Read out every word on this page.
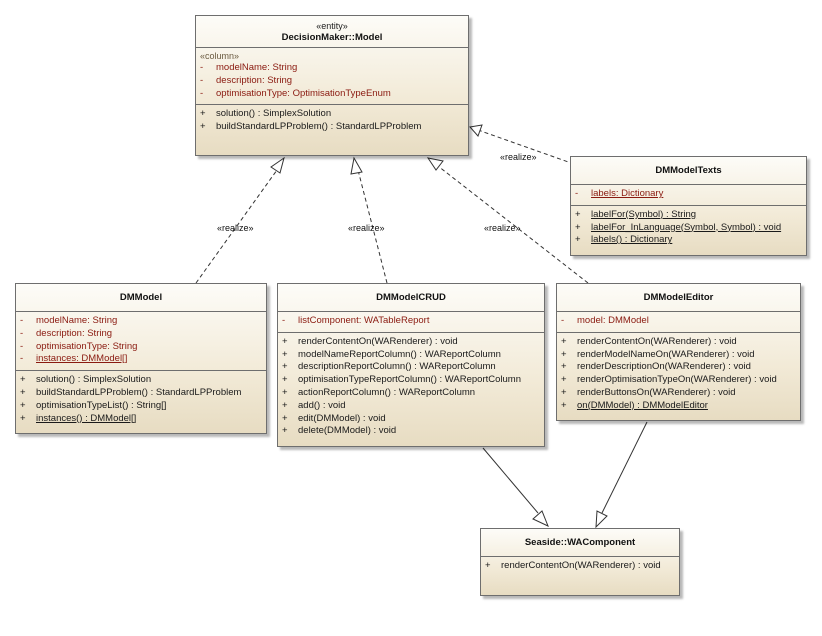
«realize»
«realize»	«realize»	«realize»
«entity»
DecisionMaker::Model
«column»
-	modelName: String
-	description: String
-	optimisationType: OptimisationTypeEnum
+	solution() : SimplexSolution
+	buildStandardLPProblem() : StandardLPProblem
DMModelTexts
-	labels: Dictionary
+	labelFor(Symbol) : String
+	labelFor_InLanguage(Symbol, Symbol) : void
+	labels() : Dictionary
DMModel
-	modelName: String
-	description: String
-	optimisationType: String
-	instances: DMModel[]
+	solution() : SimplexSolution
+	buildStandardLPProblem() : StandardLPProblem
+	optimisationTypeList() : String[]
+	instances() : DMModel[]
DMModelCRUD
-	listComponent: WATableReport
+	renderContentOn(WARenderer) : void
+	modelNameReportColumn() : WAReportColumn
+	descriptionReportColumn() : WAReportColumn
+	optimisationTypeReportColumn() : WAReportColumn
+	actionReportColumn() : WAReportColumn
+	add() : void
+	edit(DMModel) : void
+	delete(DMModel) : void
DMModelEditor
-	model: DMModel
+	renderContentOn(WARenderer) : void
+	renderModelNameOn(WARenderer) : void
+	renderDescriptionOn(WARenderer) : void
+	renderOptimisationTypeOn(WARenderer) : void
+	renderButtonsOn(WARenderer) : void
+	on(DMModel) : DMModelEditor
Seaside::WAComponent
+	renderContentOn(WARenderer) : void
